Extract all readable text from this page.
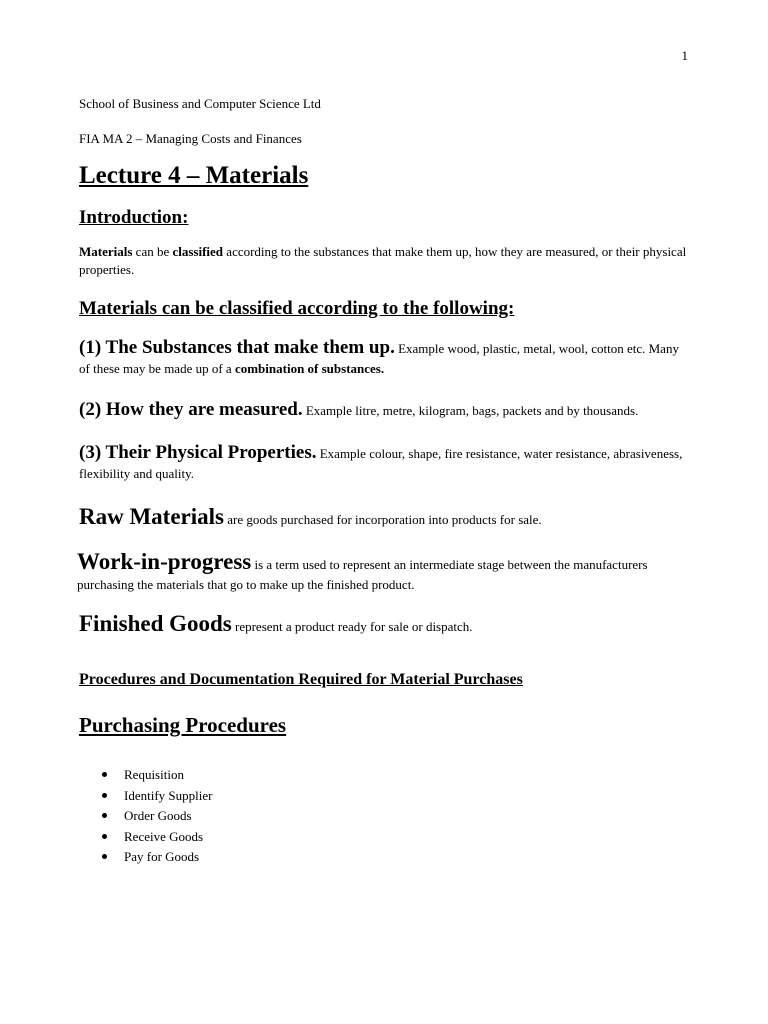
1

School of Business and Computer Science Ltd

FIA MA 2 – Managing Costs and Finances

Lecture 4 – Materials
Introduction:

Materials can be classified according to the substances that make them up, how they are measured, or their physical properties.

Materials can be classified according to the following:

(1) The Substances that make them up. Example wood, plastic, metal, wool, cotton etc. Many of these may be made up of a combination of substances.

(2) How they are measured. Example litre, metre, kilogram, bags, packets and by thousands.

(3) Their Physical Properties. Example colour, shape, fire resistance, water resistance, abrasiveness, flexibility and quality.

Raw Materials are goods purchased for incorporation into products for sale.

Work-in-progress is a term used to represent an intermediate stage between the manufacturers purchasing the materials that go to make up the finished product.

Finished Goods represent a product ready for sale or dispatch.

Procedures and Documentation Required for Material Purchases
Purchasing Procedures
Requisition
Identify Supplier
Order Goods
Receive Goods
Pay for Goods
